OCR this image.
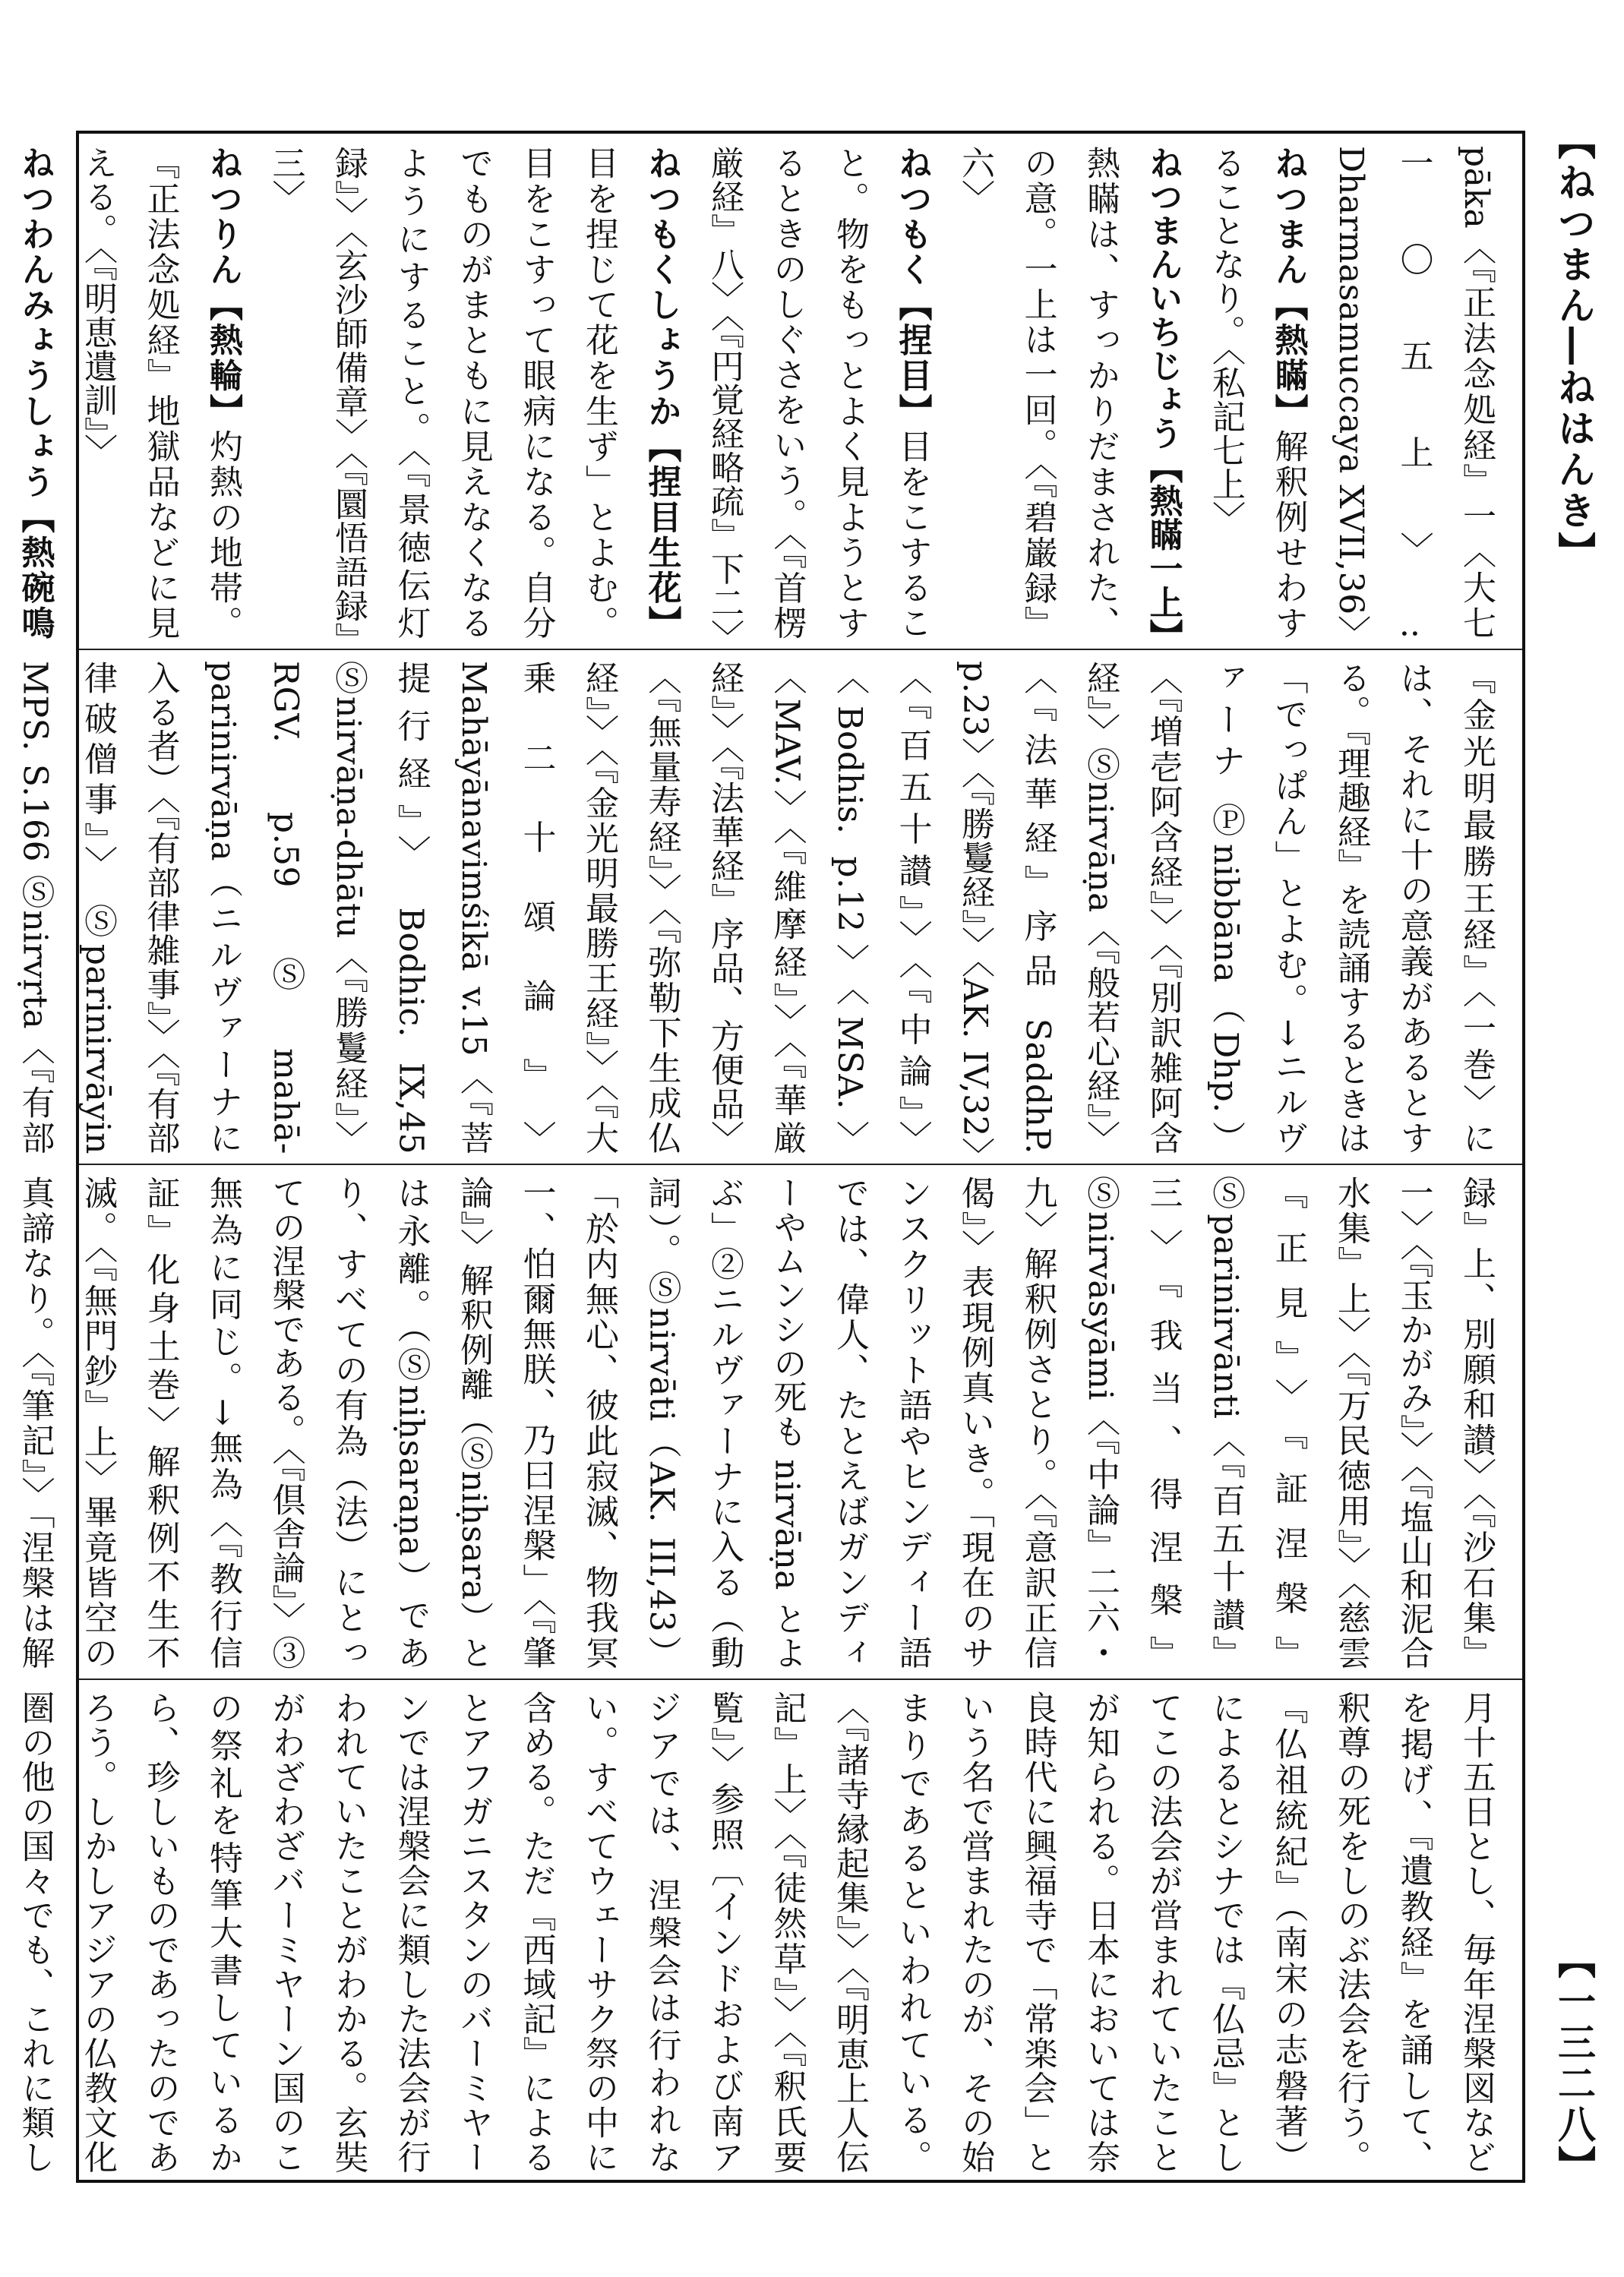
【ねつまん―ねはんき】
【一三二八】

pāka〈『正法念処経』一〈大七一〇五上〉: Dharmasamuccaya XVII,36〉

ねつまん【熱瞞】解釈例せわすることなり。〈私記七上〉

ねつまんいちじょう【熱瞞一上】熱瞞は、すっかりだまされた、の意。一上は一回。〈『碧巌録』六〉

ねつもく【捏目】目をこすること。物をもっとよく見ようとするときのしぐさをいう。〈『首楞厳経』八〉〈『円覚経略疏』下二〉

ねつもくしょうか【捏目生花】目を捏じて花を生ず」とよむ。目をこすって眼病になる。自分でものがまともに見えなくなるようにすること。〈『景徳伝灯録』〉〈玄沙師備章〉〈『圜悟語録』三〉

ねつりん【熱輪】灼熱の地帯。『正法念処経』地獄品などに見える。〈『明恵遺訓』〉

ねつわんみょうしょう【熱碗鳴

『金光明最勝王経』〈一巻〉には、それに十の意義があるとする。『理趣経』を読誦するときは「でっぱん」とよむ。→ニルヴァーナ Ⓟnibbāna（Dhp.）〈『増壱阿含経』〉〈『別訳雑阿含経』〉Ⓢnirvāṇa〈『般若心経』〉〈『法華経』序品 SaddhP. p.23〉〈『勝鬘経』〉〈AK. IV,32〉〈『百五十讃』〉〈『中論』〉〈Bodhis. p.12〉〈MSA.〉〈MAV.〉〈『維摩経』〉〈『華厳経』〉〈『法華経』序品、方便品〉〈『無量寿経』〉〈『弥勒下生成仏経』〉〈『金光明最勝王経』〉〈『大乗二十頌論』〉 Mahāyānavimśikā v.15〈『菩提行経』〉 Bodhic. IX,45 Ⓢnirvāṇa-dhātu〈『勝鬘経』〉 RGV. p.59 Ⓢmahā-parinirvāṇa（ニルヴァーナに入る者）〈『有部律雑事』〉〈『有部律破僧事』〉 Ⓢparinirvāyin MPS. S.166 Ⓢnirvṛta〈『有部

録』上、別願和讃〉〈『沙石集』一〉〈『玉かがみ』〉〈『塩山和泥合水集』上〉〈『万民徳用』〉〈慈雲『正見』〉『証涅槃』Ⓢparinirvānti〈『百五十讃』三〉『我当、得涅槃』Ⓢnirvāsyāmi〈『中論』二六・九〉解釈例さとり。〈『意訳正信偈』〉表現例真いき。「現在のサンスクリット語やヒンディー語では、偉人、たとえばガンディーやムンシの死も nirvāṇa とよぶ」②ニルヴァーナに入る（動詞）。Ⓢnirvāti（AK. III,43）「於内無心、彼此寂滅、物我冥一、怕爾無朕、乃曰涅槃」〈『肇論』〉解釈例離（Ⓢniḥsara）とは永離。（Ⓢniḥsaraṇa）であり、すべての有為（法）にとっての涅槃である。〈『倶舎論』〉③無為に同じ。→無為〈『教行信証』化身土巻〉解釈例不生不滅。〈『無門鈔』上〉畢竟皆空の真諦なり。〈『筆記』〉「涅槃は解

月十五日とし、毎年涅槃図などを掲げ、『遺教経』を誦して、釈尊の死をしのぶ法会を行う。『仏祖統紀』（南宋の志磐著）によるとシナでは『仏忌』としてこの法会が営まれていたことが知られる。日本においては奈良時代に興福寺で「常楽会」という名で営まれたのが、その始まりであるといわれている。〈『諸寺縁起集』〉〈『明恵上人伝記』上〉〈『徒然草』〉〈『釈氏要覧』〉参照〔インドおよび南アジアでは、涅槃会は行われない。すべてウェーサク祭の中に含める。ただ『西域記』によるとアフガニスタンのバーミヤーンでは涅槃会に類した法会が行われていたことがわかる。玄奘がわざわざバーミヤーン国のこの祭礼を特筆大書しているから、珍しいものであったのであろう。しかしアジアの仏教文化圏の他の国々でも、これに類し
